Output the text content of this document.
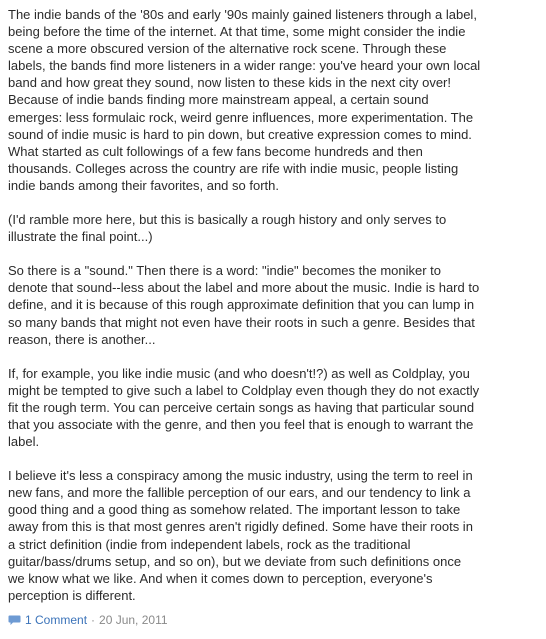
The indie bands of the '80s and early '90s mainly gained listeners through a label,
being before the time of the internet. At that time, some might consider the indie
scene a more obscured version of the alternative rock scene. Through these
labels, the bands find more listeners in a wider range: you've heard your own local
band and how great they sound, now listen to these kids in the next city over!
Because of indie bands finding more mainstream appeal, a certain sound
emerges: less formulaic rock, weird genre influences, more experimentation. The
sound of indie music is hard to pin down, but creative expression comes to mind.
What started as cult followings of a few fans become hundreds and then
thousands. Colleges across the country are rife with indie music, people listing
indie bands among their favorites, and so forth.

(I'd ramble more here, but this is basically a rough history and only serves to
illustrate the final point...)

So there is a "sound." Then there is a word: "indie" becomes the moniker to
denote that sound--less about the label and more about the music. Indie is hard to
define, and it is because of this rough approximate definition that you can lump in
so many bands that might not even have their roots in such a genre. Besides that
reason, there is another...

If, for example, you like indie music (and who doesn't!?) as well as Coldplay, you
might be tempted to give such a label to Coldplay even though they do not exactly
fit the rough term. You can perceive certain songs as having that particular sound
that you associate with the genre, and then you feel that is enough to warrant the
label.

I believe it's less a conspiracy among the music industry, using the term to reel in
new fans, and more the fallible perception of our ears, and our tendency to link a
good thing and a good thing as somehow related. The important lesson to take
away from this is that most genres aren't rigidly defined. Some have their roots in
a strict definition (indie from independent labels, rock as the traditional
guitar/bass/drums setup, and so on), but we deviate from such definitions once
we know what we like. And when it comes down to perception, everyone's
perception is different.

1 Comment · 20 Jun, 2011
